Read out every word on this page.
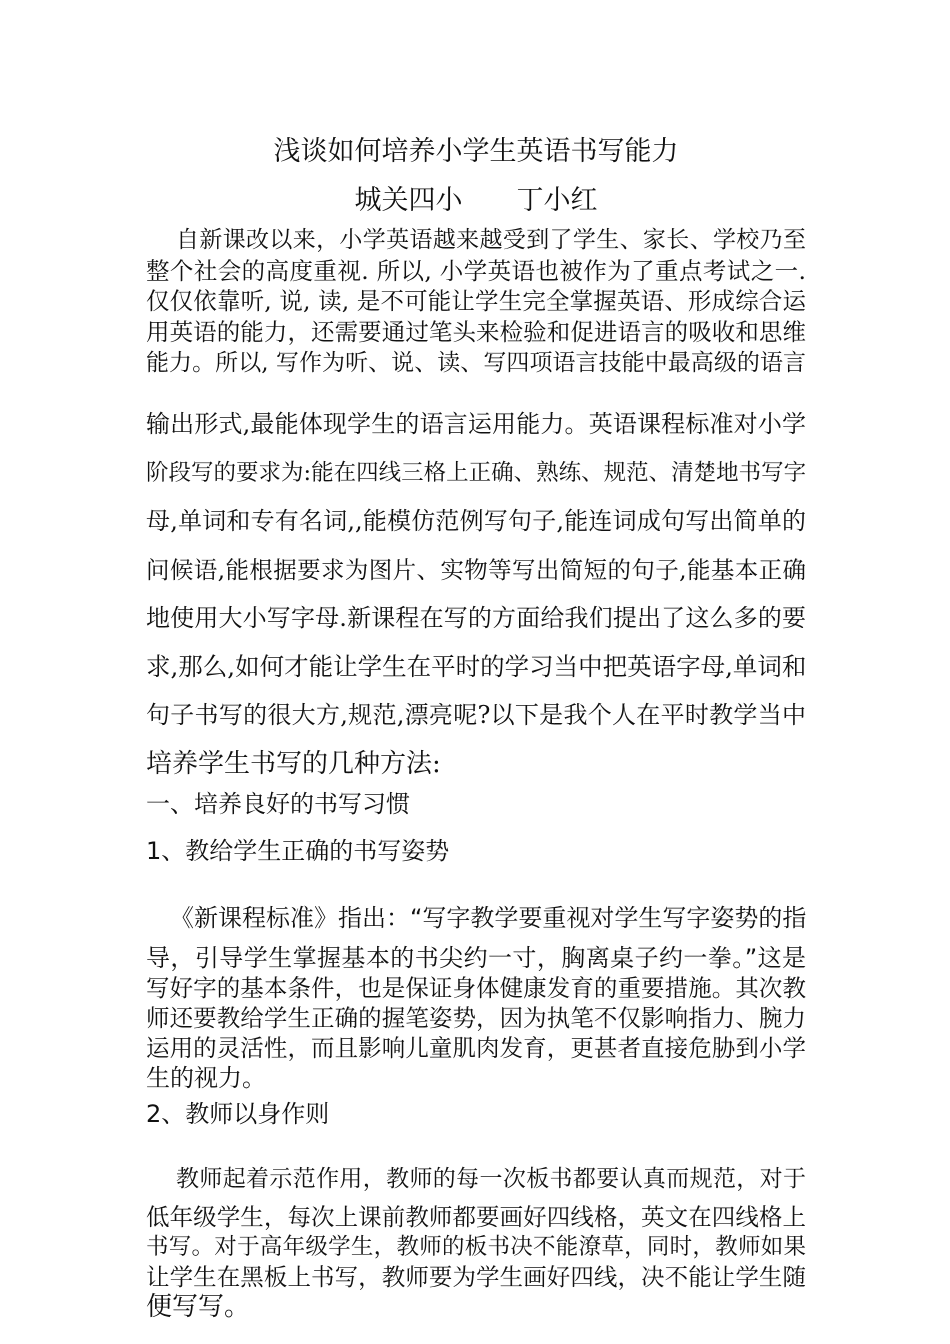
浅谈如何培养小学生英语书写能力
城关四小　　丁小红
自新课改以来，小学英语越来越受到了学生、家长、学校乃至
整个社会的高度重视. 所以, 小学英语也被作为了重点考试之一.
仅仅依靠听, 说, 读, 是不可能让学生完全掌握英语、形成综合运
用英语的能力，还需要通过笔头来检验和促进语言的吸收和思维
能力。所以, 写作为听、说、读、写四项语言技能中最高级的语言
输出形式,最能体现学生的语言运用能力。英语课程标准对小学
阶段写的要求为:能在四线三格上正确、熟练、规范、清楚地书写字
母,单词和专有名词,,能模仿范例写句子,能连词成句写出简单的
问候语,能根据要求为图片、实物等写出简短的句子,能基本正确
地使用大小写字母.新课程在写的方面给我们提出了这么多的要
求,那么,如何才能让学生在平时的学习当中把英语字母,单词和
句子书写的很大方,规范,漂亮呢?以下是我个人在平时教学当中
培养学生书写的几种方法:
一、培养良好的书写习惯
1、教给学生正确的书写姿势
《新课程标准》指出：“写字教学要重视对学生写字姿势的指
导，引导学生掌握基本的书尖约一寸，胸离桌子约一拳。”这是
写好字的基本条件，也是保证身体健康发育的重要措施。其次教
师还要教给学生正确的握笔姿势，因为执笔不仅影响指力、腕力
运用的灵活性，而且影响儿童肌肉发育，更甚者直接危胁到小学
生的视力。
2、教师以身作则
教师起着示范作用，教师的每一次板书都要认真而规范，对于
低年级学生，每次上课前教师都要画好四线格，英文在四线格上
书写。对于高年级学生，教师的板书决不能潦草，同时，教师如果
让学生在黑板上书写，教师要为学生画好四线，决不能让学生随
便写写。
